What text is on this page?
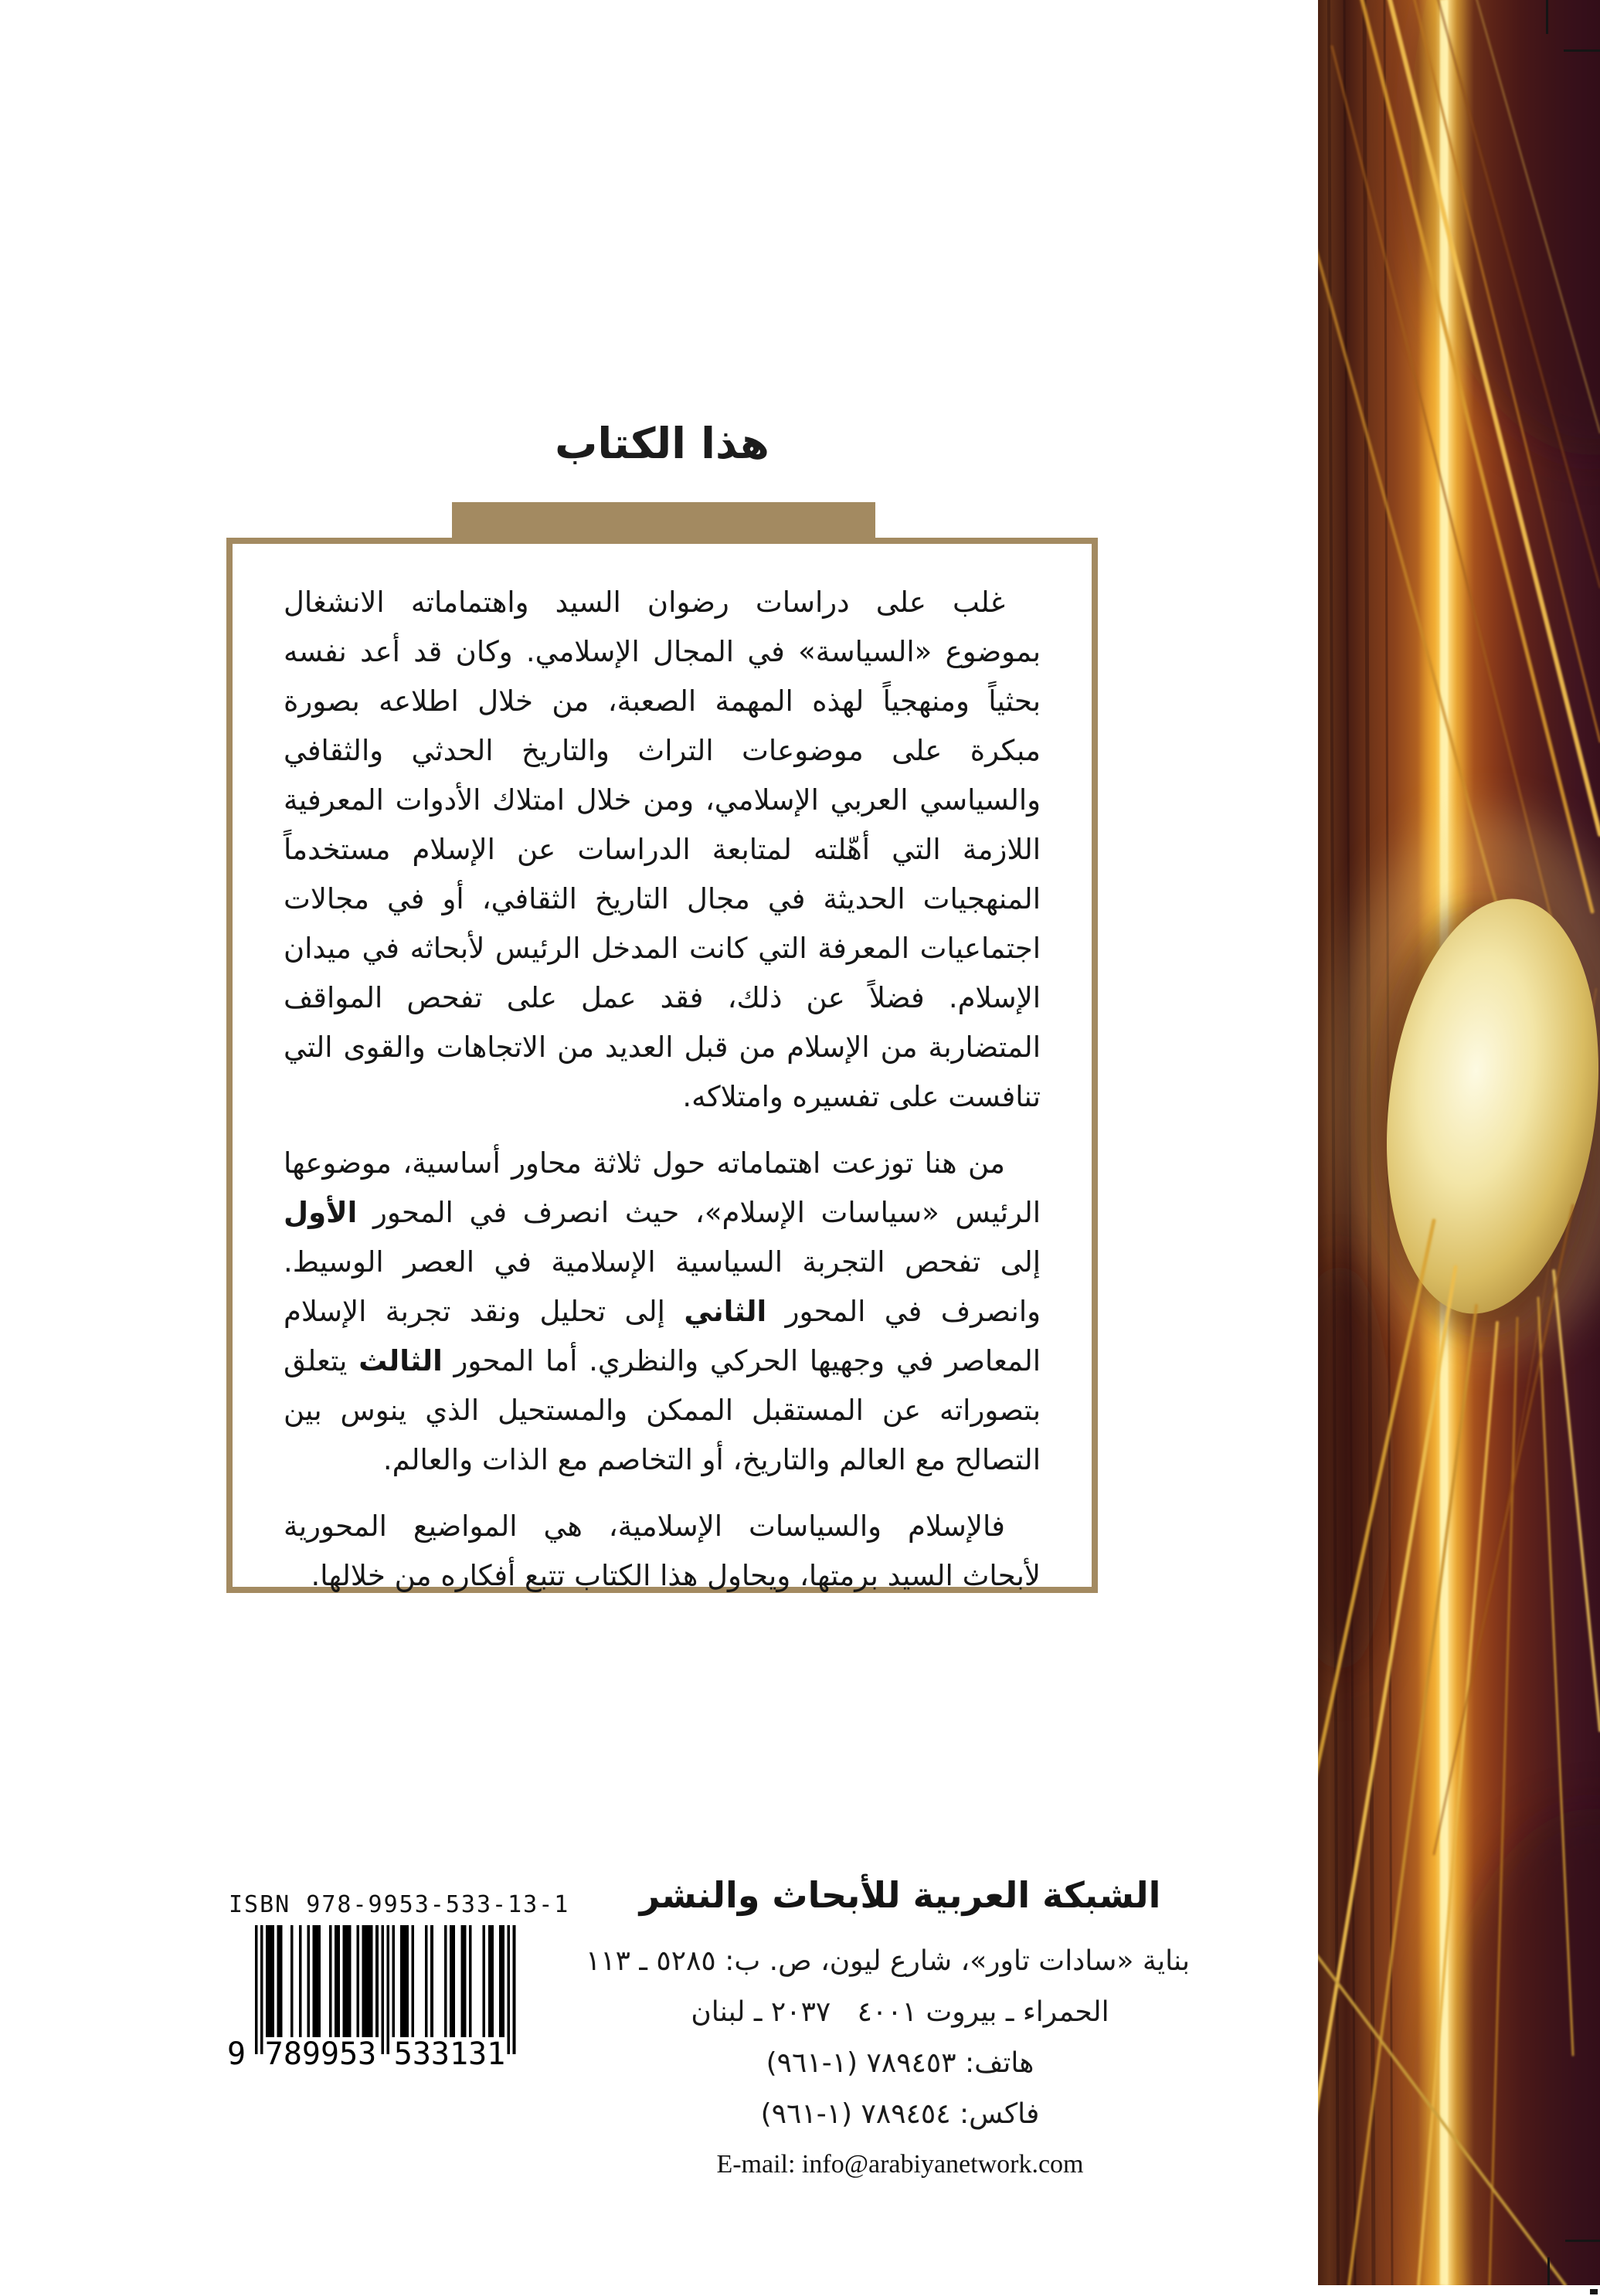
هذا الكتاب

غلب على دراسات رضوان السيد واهتماماته الانشغال بموضوع «السياسة» في المجال الإسلامي. وكان قد أعد نفسه بحثياً ومنهجياً لهذه المهمة الصعبة، من خلال اطلاعه بصورة مبكرة على موضوعات التراث والتاريخ الحدثي والثقافي والسياسي العربي الإسلامي، ومن خلال امتلاك الأدوات المعرفية اللازمة التي أهّلته لمتابعة الدراسات عن الإسلام مستخدماً المنهجيات الحديثة في مجال التاريخ الثقافي، أو في مجالات اجتماعيات المعرفة التي كانت المدخل الرئيس لأبحاثه في ميدان الإسلام. فضلاً عن ذلك، فقد عمل على تفحص المواقف المتضاربة من الإسلام من قبل العديد من الاتجاهات والقوى التي تنافست على تفسيره وامتلاكه.

من هنا توزعت اهتماماته حول ثلاثة محاور أساسية، موضوعها الرئيس «سياسات الإسلام»، حيث انصرف في المحور الأول إلى تفحص التجربة السياسية الإسلامية في العصر الوسيط. وانصرف في المحور الثاني إلى تحليل ونقد تجربة الإسلام المعاصر في وجهيها الحركي والنظري. أما المحور الثالث يتعلق بتصوراته عن المستقبل الممكن والمستحيل الذي ينوس بين التصالح مع العالم والتاريخ، أو التخاصم مع الذات والعالم.

فالإسلام والسياسات الإسلامية، هي المواضيع المحورية لأبحاث السيد برمتها، ويحاول هذا الكتاب تتبع أفكاره من خلالها.

ISBN 978-9953-533-13-1
9 789953 533131
الشبكة العربية للأبحاث والنشر
بناية «سادات تاور»، شارع ليون، ص. ب: ٥٢٨٥ ـ ١١٣
الحمراء ـ بيروت ٤٠٠١   ٢٠٣٧ ـ لبنان
هاتف: ٧٨٩٤٥٣ (١-٩٦١)
فاكس: ٧٨٩٤٥٤ (١-٩٦١)
E-mail: info@arabiyanetwork.com
